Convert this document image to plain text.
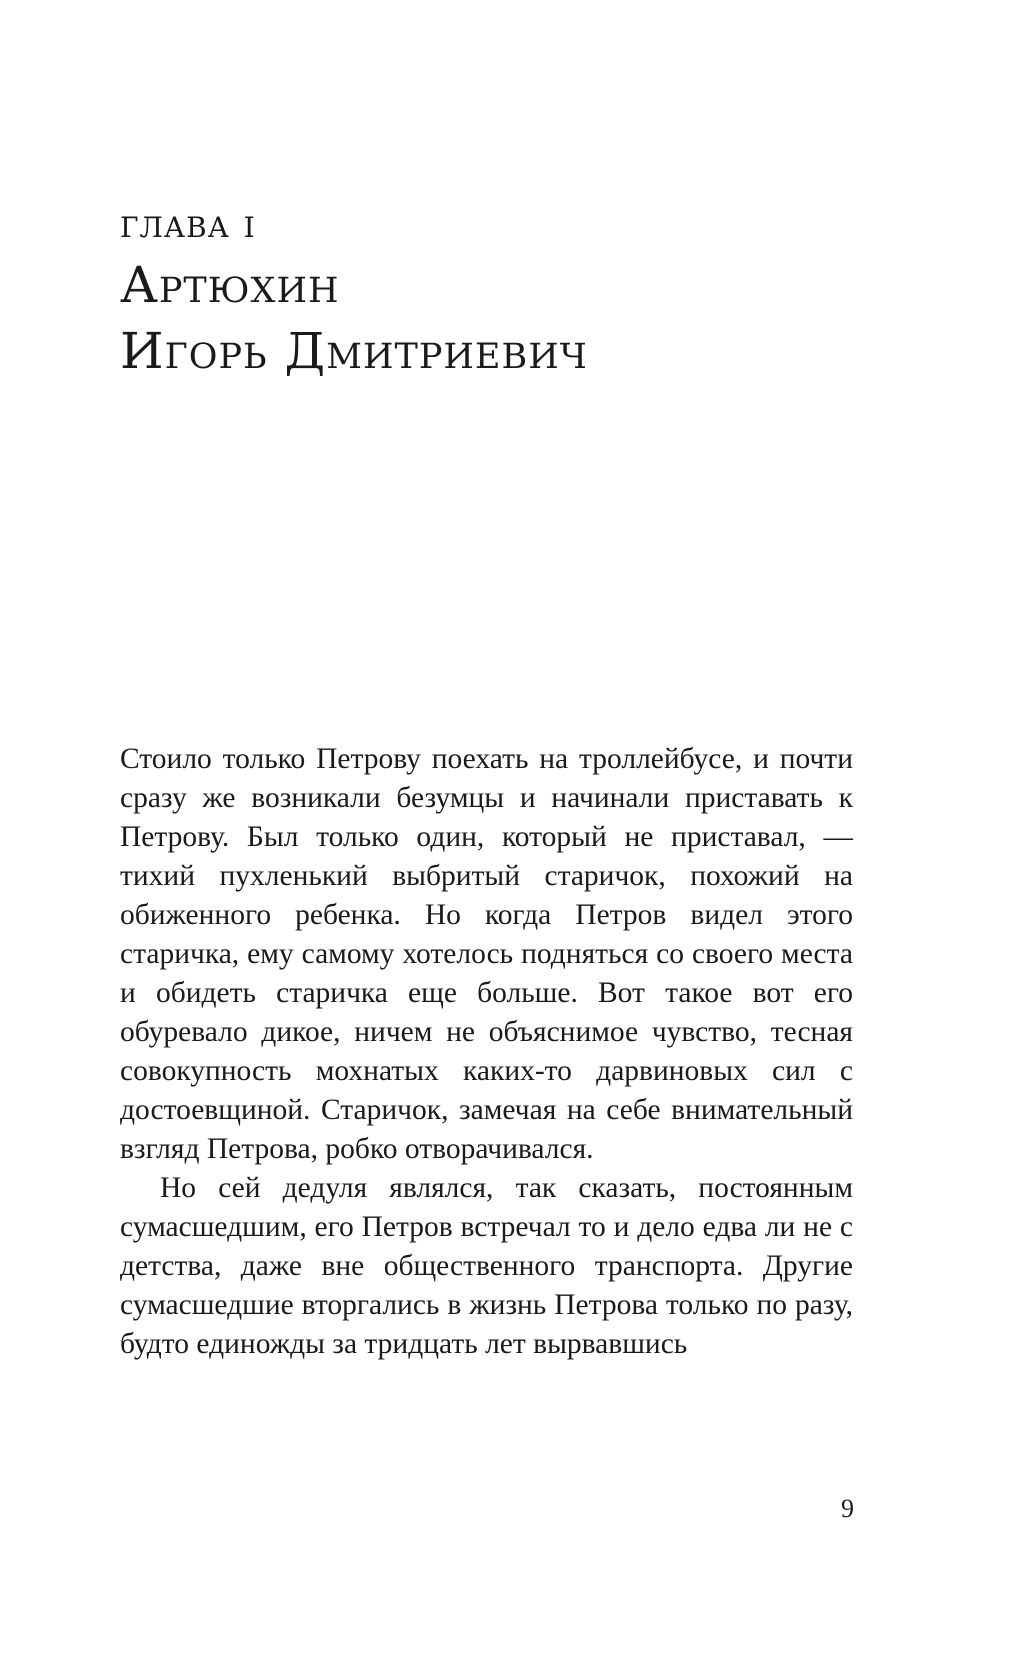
глава i
Артюхин
Игорь Дмитриевич

Стоило только Петрову поехать на троллейбусе, и почти сразу же возникали безумцы и начинали приставать к Петрову. Был только один, который не приставал, — тихий пухленький выбритый старичок, похожий на обиженного ребенка. Но когда Петров видел этого старичка, ему самому хотелось подняться со своего места и обидеть старичка еще больше. Вот такое вот его обуревало дикое, ничем не объяснимое чувство, тесная совокупность мохнатых каких-то дарвиновых сил с достоевщиной. Старичок, замечая на себе внимательный взгляд Петрова, робко отворачивался.

Но сей дедуля являлся, так сказать, постоянным сумасшедшим, его Петров встречал то и дело едва ли не с детства, даже вне общественного транспорта. Другие сумасшедшие вторгались в жизнь Петрова только по разу, будто единожды за тридцать лет вырвавшись

9
